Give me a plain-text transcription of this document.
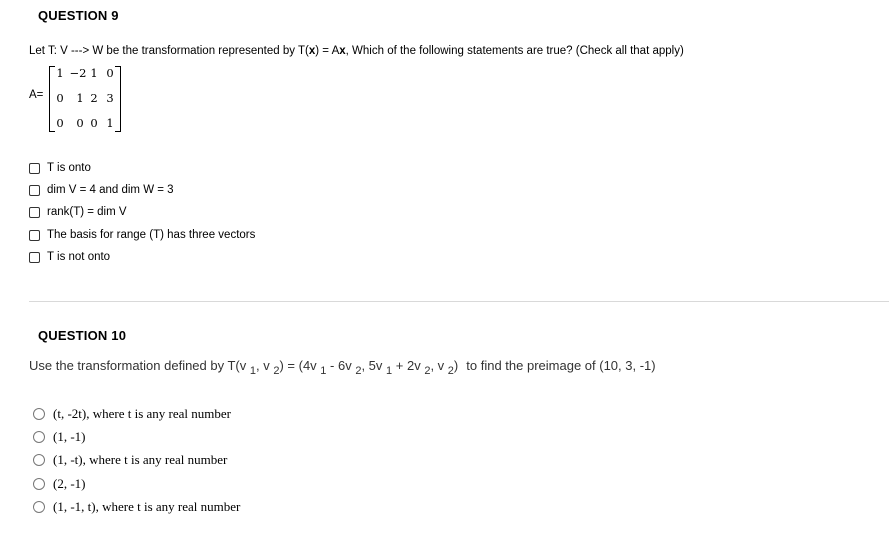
QUESTION 9
Let T: V ---> W be the transformation represented by T(x) = Ax, Which of the following statements are true? (Check all that apply)
A=
1 −2 1 0
0 1 2 3
0 0 0 1
T is onto
dim V = 4 and dim W = 3
rank(T) = dim V
The basis for range (T) has three vectors
T is not onto
QUESTION 10
Use the transformation defined by T(v $_1$, v $_2$) = (4v $_1$ - 6v $_2$, 5v $_1$ + 2v $_2$, v $_2$) to find the preimage of (10, 3, -1)
(t, -2t), where t is any real number
(1, -1)
(1, -t), where t is any real number
(2, -1)
(1, -1, t), where t is any real number
